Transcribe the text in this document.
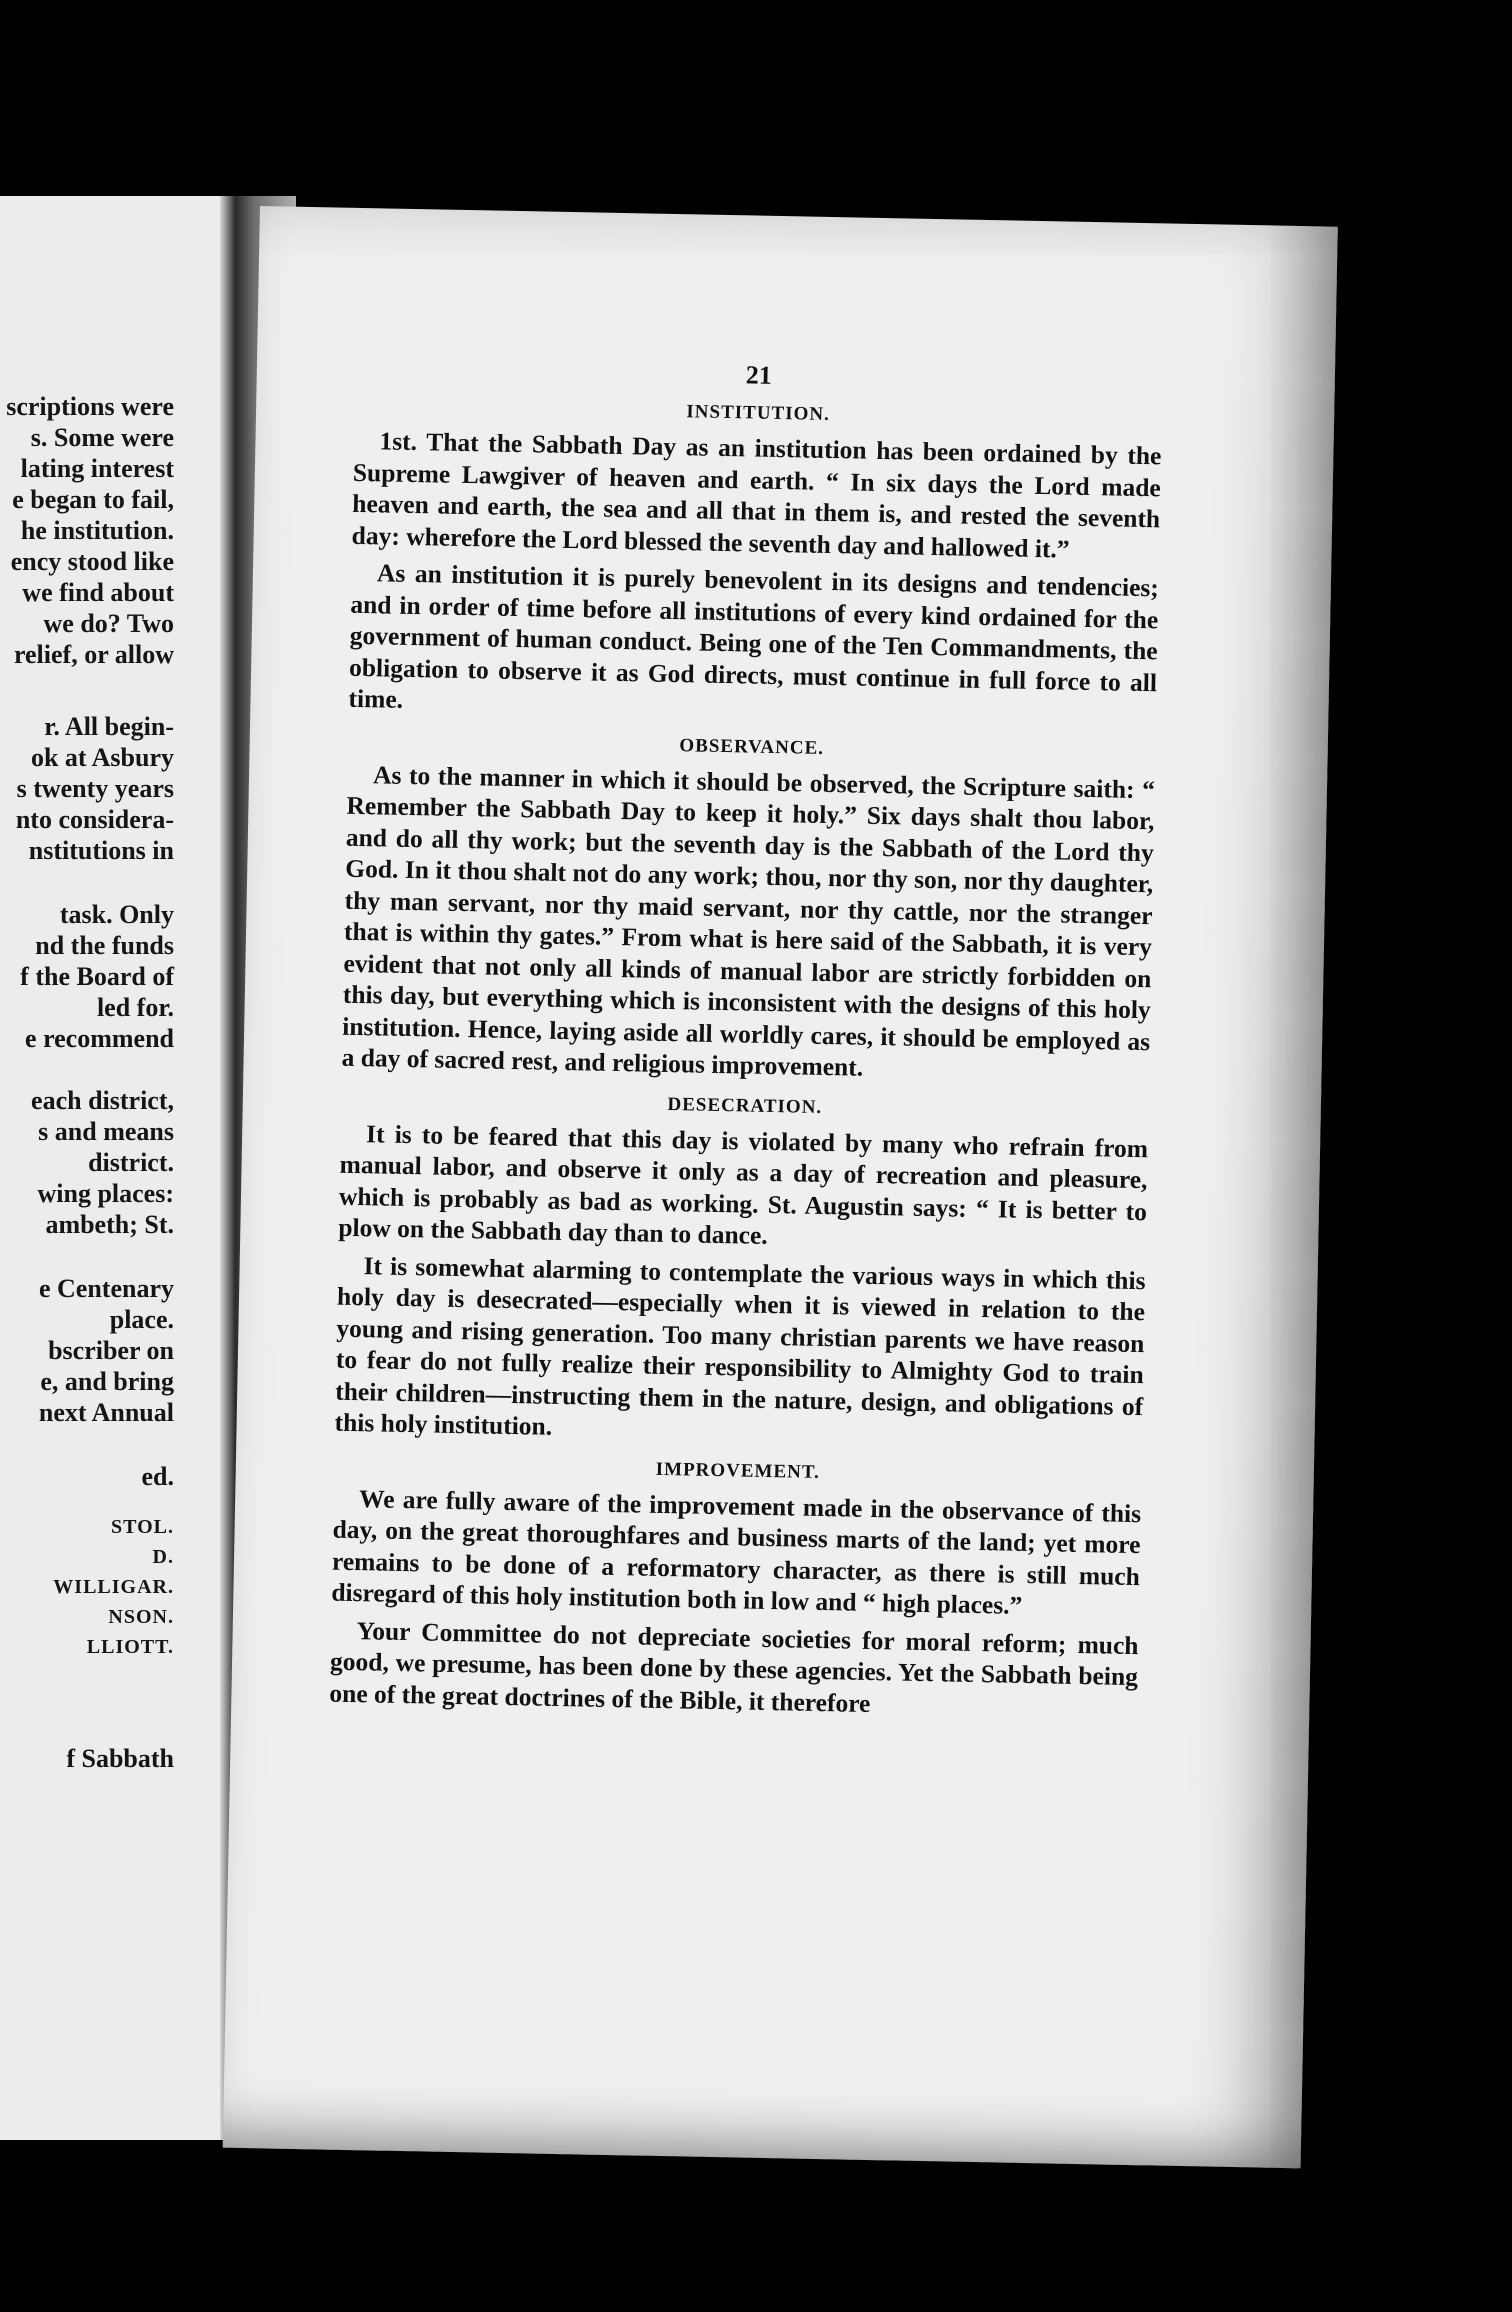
scriptions were
s. Some were
lating interest
e began to fail,
he institution.
ency stood like
we find about
we do? Two
relief, or allow
r. All begin-
ok at Asbury
s twenty years
nto considera-
nstitutions in
task. Only
nd the funds
f the Board of
led for.
e recommend
each district,
s and means
district.
wing places:
ambeth; St.
e Centenary
place.
bscriber on
e, and bring
next Annual
ed.
STOL.
D.
WILLIGAR.
NSON.
LLIOTT.
f Sabbath
21
INSTITUTION.

1st. That the Sabbath Day as an institution has been ordained by the Supreme Lawgiver of heaven and earth. “ In six days the Lord made heaven and earth, the sea and all that in them is, and rested the seventh day: wherefore the Lord blessed the seventh day and hallowed it.”

As an institution it is purely benevolent in its designs and tendencies; and in order of time before all institutions of every kind ordained for the government of human conduct. Being one of the Ten Commandments, the obligation to observe it as God directs, must continue in full force to all time.

OBSERVANCE.

As to the manner in which it should be observed, the Scripture saith: “ Remember the Sabbath Day to keep it holy.” Six days shalt thou labor, and do all thy work; but the seventh day is the Sabbath of the Lord thy God. In it thou shalt not do any work; thou, nor thy son, nor thy daughter, thy man servant, nor thy maid servant, nor thy cattle, nor the stranger that is within thy gates.” From what is here said of the Sabbath, it is very evident that not only all kinds of manual labor are strictly forbidden on this day, but everything which is inconsistent with the designs of this holy institution. Hence, laying aside all worldly cares, it should be employed as a day of sacred rest, and religious improvement.

DESECRATION.

It is to be feared that this day is violated by many who refrain from manual labor, and observe it only as a day of recreation and pleasure, which is probably as bad as working. St. Augustin says: “ It is better to plow on the Sabbath day than to dance.

It is somewhat alarming to contemplate the various ways in which this holy day is desecrated—especially when it is viewed in relation to the young and rising generation. Too many christian parents we have reason to fear do not fully realize their responsibility to Almighty God to train their children—instructing them in the nature, design, and obligations of this holy institution.

IMPROVEMENT.

We are fully aware of the improvement made in the observance of this day, on the great thoroughfares and business marts of the land; yet more remains to be done of a reformatory character, as there is still much disregard of this holy institution both in low and “ high places.”

Your Committee do not depreciate societies for moral reform; much good, we presume, has been done by these agencies. Yet the Sabbath being one of the great doctrines of the Bible, it therefore
